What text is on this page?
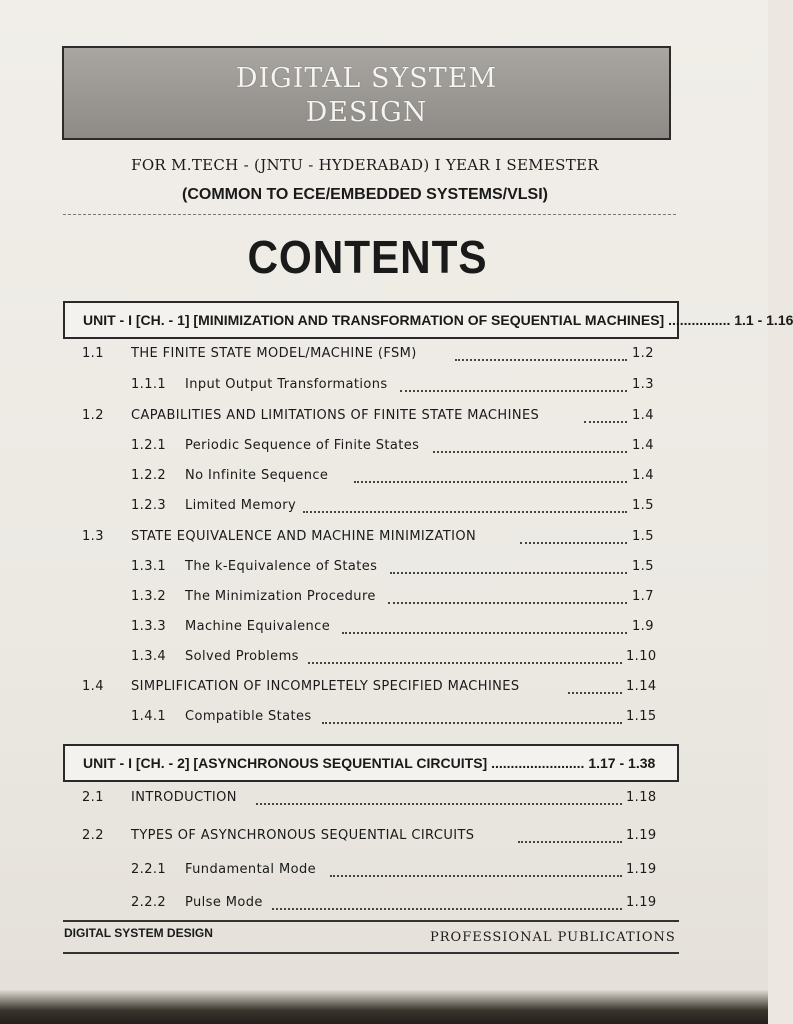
DIGITAL SYSTEM
DESIGN
FOR M.TECH - (JNTU - HYDERABAD) I YEAR I SEMESTER
(COMMON TO ECE/EMBEDDED SYSTEMS/VLSI)
CONTENTS
UNIT - I [CH. - 1] [MINIMIZATION AND TRANSFORMATION OF SEQUENTIAL MACHINES] ................ 1.1 - 1.16
1.1 THE FINITE STATE MODEL/MACHINE (FSM)	1.2
1.1.1 Input Output Transformations	1.3
1.2 CAPABILITIES AND LIMITATIONS OF FINITE STATE MACHINES	1.4
1.2.1 Periodic Sequence of Finite States	1.4
1.2.2 No Infinite Sequence	1.4
1.2.3 Limited Memory	1.5
1.3 STATE EQUIVALENCE AND MACHINE MINIMIZATION	1.5
1.3.1 The k-Equivalence of States	1.5
1.3.2 The Minimization Procedure	1.7
1.3.3 Machine Equivalence	1.9
1.3.4 Solved Problems	1.10
1.4 SIMPLIFICATION OF INCOMPLETELY SPECIFIED MACHINES	1.14
1.4.1 Compatible States	1.15
UNIT - I [CH. - 2] [ASYNCHRONOUS SEQUENTIAL CIRCUITS] ........................ 1.17 - 1.38
2.1 INTRODUCTION	1.18
2.2 TYPES OF ASYNCHRONOUS SEQUENTIAL CIRCUITS	1.19
2.2.1 Fundamental Mode	1.19
2.2.2 Pulse Mode	1.19
DIGITAL SYSTEM DESIGN	PROFESSIONAL PUBLICATIONS
